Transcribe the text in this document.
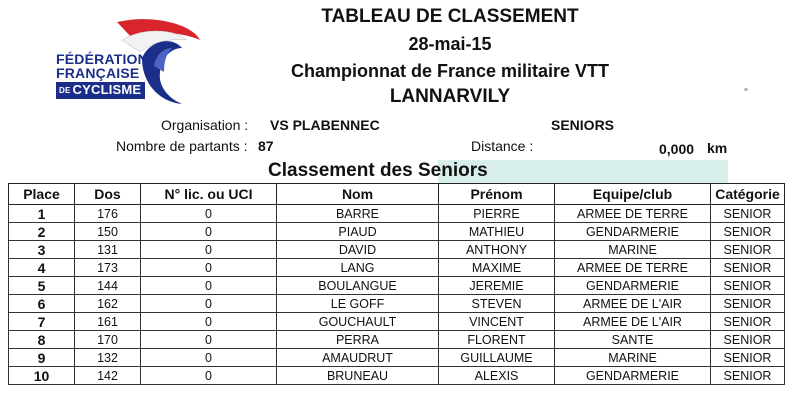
FÉDÉRATION
FRANÇAISE
DE CYCLISME
TABLEAU DE CLASSEMENT
28-mai-15
Championnat de France militaire VTT
LANNARVILY
Organisation : VS PLABENNEC	SENIORS
Nombre de partants : 87	Distance :	0,000 km
Classement des Seniors
Place	Dos	N° lic. ou UCI	Nom	Prénom	Equipe/club	Catégorie
1	176	0	BARRE	PIERRE	ARMEE DE TERRE	SENIOR
2	150	0	PIAUD	MATHIEU	GENDARMERIE	SENIOR
3	131	0	DAVID	ANTHONY	MARINE	SENIOR
4	173	0	LANG	MAXIME	ARMEE DE TERRE	SENIOR
5	144	0	BOULANGUE	JEREMIE	GENDARMERIE	SENIOR
6	162	0	LE GOFF	STEVEN	ARMEE DE L'AIR	SENIOR
7	161	0	GOUCHAULT	VINCENT	ARMEE DE L'AIR	SENIOR
8	170	0	PERRA	FLORENT	SANTE	SENIOR
9	132	0	AMAUDRUT	GUILLAUME	MARINE	SENIOR
10	142	0	BRUNEAU	ALEXIS	GENDARMERIE	SENIOR
